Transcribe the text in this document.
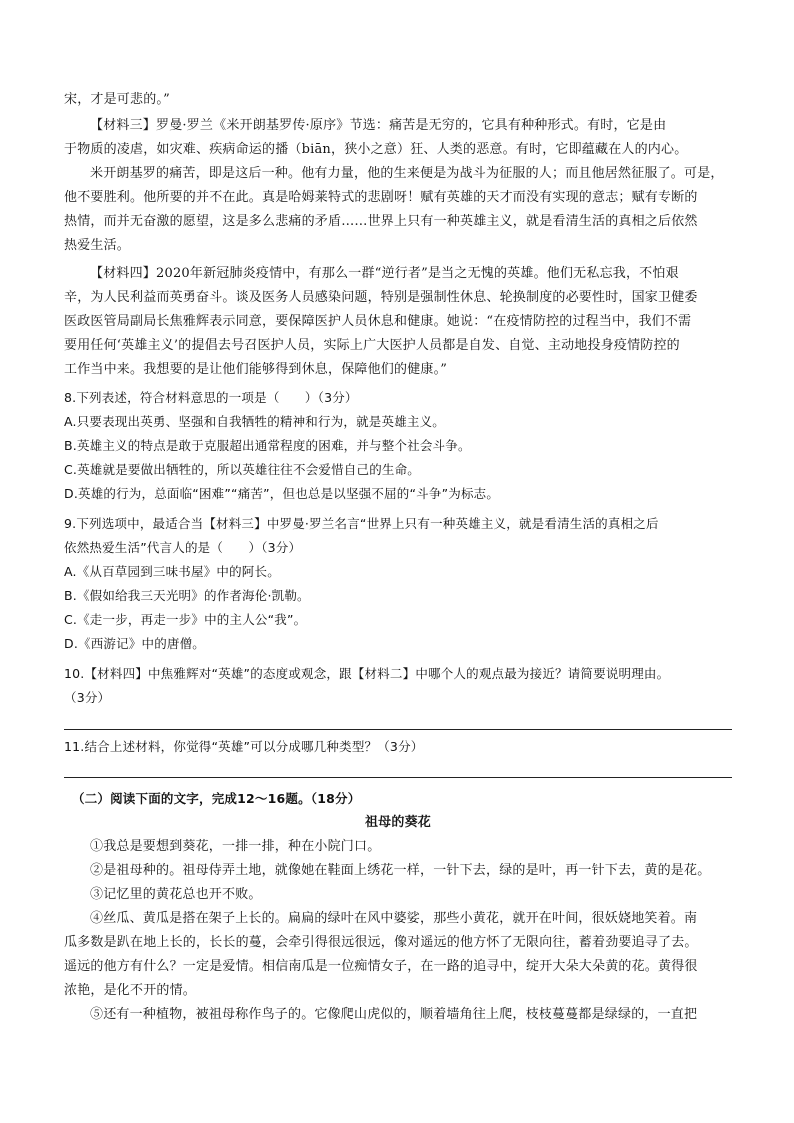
宋，才是可悲的。”
【材料三】罗曼·罗兰《米开朗基罗传·原序》节选：痛苦是无穷的，它具有种种形式。有时，它是由
于物质的凌虐，如灾难、疾病命运的播（biān，狭小之意）狂、人类的恶意。有时，它即蕴藏在人的内心。
米开朗基罗的痛苦，即是这后一种。他有力量，他的生来便是为战斗为征服的人；而且他居然征服了。可是，
他不要胜利。他所要的并不在此。真是哈姆莱特式的悲剧呀！赋有英雄的天才而没有实现的意志；赋有专断的
热情，而并无奋激的愿望，这是多么悲痛的矛盾……世界上只有一种英雄主义，就是看清生活的真相之后依然
热爱生活。
【材料四】2020年新冠肺炎疫情中，有那么一群“逆行者”是当之无愧的英雄。他们无私忘我，不怕艰
辛，为人民利益而英勇奋斗。谈及医务人员感染问题，特别是强制性休息、轮换制度的必要性时，国家卫健委
医政医管局副局长焦雅辉表示同意，要保障医护人员休息和健康。她说：“在疫情防控的过程当中，我们不需
要用任何‘英雄主义’的提倡去号召医护人员，实际上广大医护人员都是自发、自觉、主动地投身疫情防控的
工作当中来。我想要的是让他们能够得到休息，保障他们的健康。”
8.下列表述，符合材料意思的一项是（　　）（3分）
A.只要表现出英勇、坚强和自我牺牲的精神和行为，就是英雄主义。
B.英雄主义的特点是敢于克服超出通常程度的困难，并与整个社会斗争。
C.英雄就是要做出牺牲的，所以英雄往往不会爱惜自己的生命。
D.英雄的行为，总面临“困难”“痛苦”，但也总是以坚强不屈的“斗争”为标志。
9.下列选项中，最适合当【材料三】中罗曼·罗兰名言“世界上只有一种英雄主义，就是看清生活的真相之后
依然热爱生活”代言人的是（　　）（3分）
A.《从百草园到三味书屋》中的阿长。
B.《假如给我三天光明》的作者海伦·凯勒。
C.《走一步，再走一步》中的主人公“我”。
D.《西游记》中的唐僧。
10.【材料四】中焦雅辉对“英雄”的态度或观念，跟【材料二】中哪个人的观点最为接近？请简要说明理由。
（3分）
11.结合上述材料，你觉得“英雄”可以分成哪几种类型？（3分）
（二）阅读下面的文字，完成12～16题。（18分）
祖母的葵花
①我总是要想到葵花，一排一排，种在小院门口。
②是祖母种的。祖母侍弄土地，就像她在鞋面上绣花一样，一针下去，绿的是叶，再一针下去，黄的是花。
③记忆里的黄花总也开不败。
④丝瓜、黄瓜是搭在架子上长的。扁扁的绿叶在风中婆娑，那些小黄花，就开在叶间，很妖娆地笑着。南
瓜多数是趴在地上长的，长长的蔓，会牵引得很远很远，像对遥远的他方怀了无限向往，蓄着劲要追寻了去。
遥远的他方有什么？一定是爱情。相信南瓜是一位痴情女子，在一路的追寻中，绽开大朵大朵黄的花。黄得很
浓艳，是化不开的情。
⑤还有一种植物，被祖母称作鸟子的。它像爬山虎似的，顺着墙角往上爬，枝枝蔓蔓都是绿绿的，一直把
